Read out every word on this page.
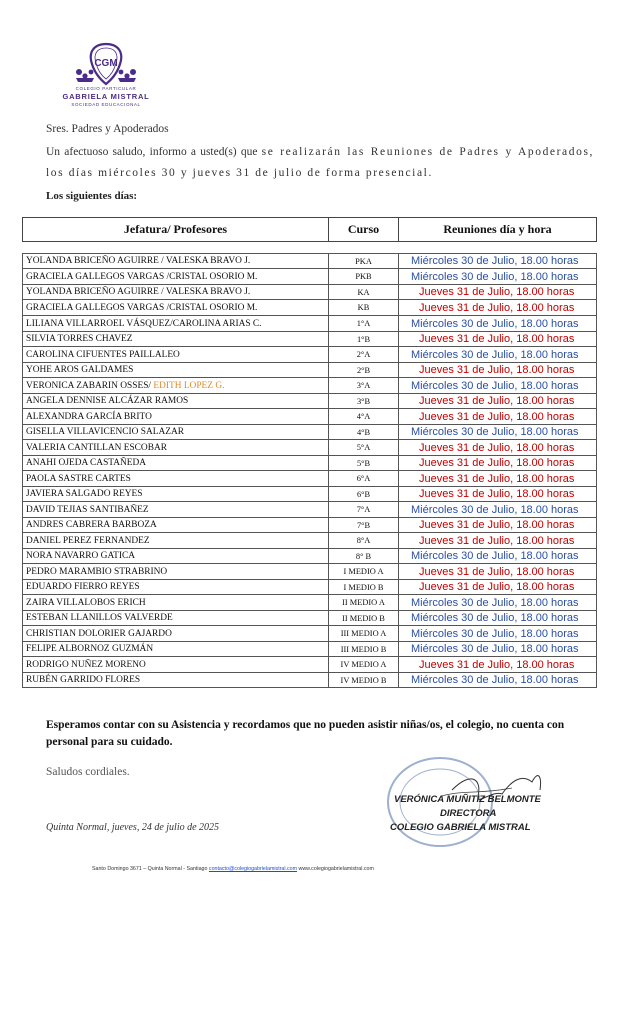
CGM
COLEGIO PARTICULAR
GABRIELA MISTRAL
SOCIEDAD EDUCACIONAL
Sres. Padres y Apoderados
Un afectuoso saludo, informo a usted(s) que se realizarán las Reuniones de Padres y Apoderados, los días miércoles 30 y jueves 31 de julio de forma presencial.
Los siguientes días:
Jefatura/ Profesores	Curso	Reuniones día y hora
YOLANDA BRICEÑO AGUIRRE / VALESKA BRAVO J.	PKA	Miércoles 30 de Julio, 18.00 horas
GRACIELA GALLEGOS VARGAS /CRISTAL OSORIO M.	PKB	Miércoles 30 de Julio, 18.00 horas
YOLANDA BRICEÑO AGUIRRE / VALESKA BRAVO J.	KA	Jueves 31 de Julio, 18.00 horas
GRACIELA GALLEGOS VARGAS /CRISTAL OSORIO M.	KB	Jueves 31 de Julio, 18.00 horas
LILIANA VILLARROEL VÁSQUEZ/CAROLINA ARIAS C.	1°A	Miércoles 30 de Julio, 18.00 horas
SILVIA TORRES CHAVEZ	1°B	Jueves 31 de Julio, 18.00 horas
CAROLINA CIFUENTES PAILLALEO	2°A	Miércoles 30 de Julio, 18.00 horas
YOHE AROS GALDAMES	2°B	Jueves 31 de Julio, 18.00 horas
VERONICA ZABARIN OSSES/ EDITH LOPEZ G.	3°A	Miércoles 30 de Julio, 18.00 horas
ANGELA DENNISE ALCÁZAR RAMOS	3°B	Jueves 31 de Julio, 18.00 horas
ALEXANDRA GARCÍA BRITO	4°A	Jueves 31 de Julio, 18.00 horas
GISELLA VILLAVICENCIO SALAZAR	4°B	Miércoles 30 de Julio, 18.00 horas
VALERIA CANTILLAN ESCOBAR	5°A	Jueves 31 de Julio, 18.00 horas
ANAHI OJEDA CASTAÑEDA	5°B	Jueves 31 de Julio, 18.00 horas
PAOLA SASTRE CARTES	6°A	Jueves 31 de Julio, 18.00 horas
JAVIERA SALGADO REYES	6°B	Jueves 31 de Julio, 18.00 horas
DAVID TEJIAS SANTIBAÑEZ	7°A	Miércoles 30 de Julio, 18.00 horas
ANDRES CABRERA BARBOZA	7°B	Jueves 31 de Julio, 18.00 horas
DANIEL PEREZ FERNANDEZ	8°A	Jueves 31 de Julio, 18.00 horas
NORA NAVARRO GATICA	8° B	Miércoles 30 de Julio, 18.00 horas
PEDRO MARAMBIO STRABRINO	I MEDIO A	Jueves 31 de Julio, 18.00 horas
EDUARDO FIERRO REYES	I MEDIO B	Jueves 31 de Julio, 18.00 horas
ZAIRA VILLALOBOS ERICH	II MEDIO A	Miércoles 30 de Julio, 18.00 horas
ESTEBAN LLANILLOS VALVERDE	II MEDIO B	Miércoles 30 de Julio, 18.00 horas
CHRISTIAN DOLORIER GAJARDO	III MEDIO A	Miércoles 30 de Julio, 18.00 horas
FELIPE ALBORNOZ GUZMÁN	III MEDIO B	Miércoles 30 de Julio, 18.00 horas
RODRIGO NUÑEZ MORENO	IV MEDIO A	Jueves 31 de Julio, 18.00 horas
RUBÉN GARRIDO FLORES	IV MEDIO B	Miércoles 30 de Julio, 18.00 horas
Esperamos contar con su Asistencia y recordamos que no pueden asistir niñas/os, el colegio, no cuenta con personal para su cuidado.
Saludos cordiales.
Quinta Normal, jueves, 24 de julio de 2025
VERÓNICA MUÑITIZ BELMONTE
DIRECTORA
COLEGIO GABRIELA MISTRAL
Santo Domingo 3671 – Quinta Normal - Santiago contacto@colegiogabrielamistral.com www.colegiogabrielamistral.com
